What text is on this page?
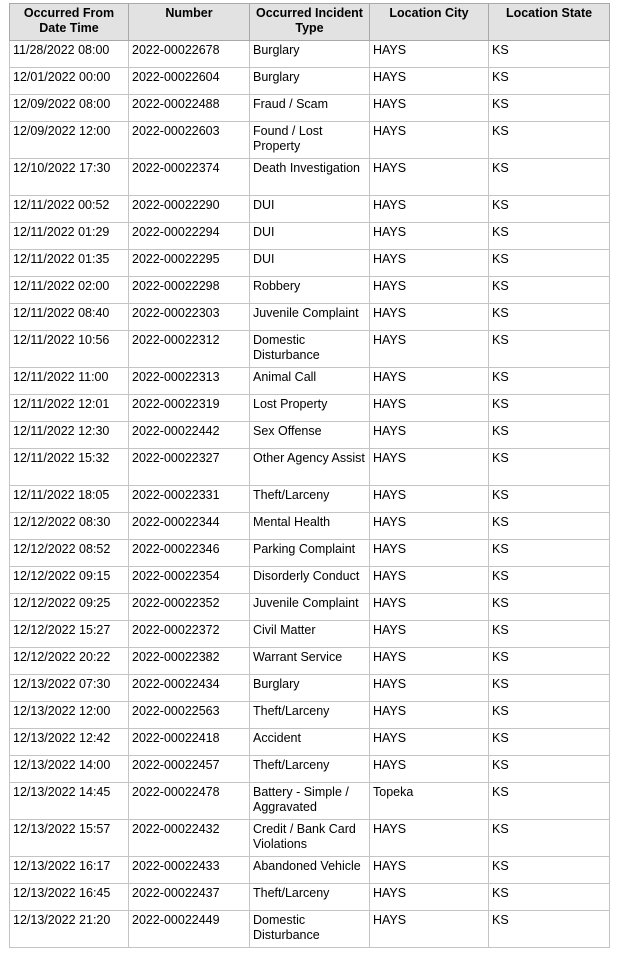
Occurred From Date Time	Number	Occurred Incident Type	Location City	Location State
11/28/2022 08:00	2022-00022678	Burglary	HAYS	KS
12/01/2022 00:00	2022-00022604	Burglary	HAYS	KS
12/09/2022 08:00	2022-00022488	Fraud / Scam	HAYS	KS
12/09/2022 12:00	2022-00022603	Found / Lost Property	HAYS	KS
12/10/2022 17:30	2022-00022374	Death Investigation	HAYS	KS
12/11/2022 00:52	2022-00022290	DUI	HAYS	KS
12/11/2022 01:29	2022-00022294	DUI	HAYS	KS
12/11/2022 01:35	2022-00022295	DUI	HAYS	KS
12/11/2022 02:00	2022-00022298	Robbery	HAYS	KS
12/11/2022 08:40	2022-00022303	Juvenile Complaint	HAYS	KS
12/11/2022 10:56	2022-00022312	Domestic Disturbance	HAYS	KS
12/11/2022 11:00	2022-00022313	Animal Call	HAYS	KS
12/11/2022 12:01	2022-00022319	Lost Property	HAYS	KS
12/11/2022 12:30	2022-00022442	Sex Offense	HAYS	KS
12/11/2022 15:32	2022-00022327	Other Agency Assist	HAYS	KS
12/11/2022 18:05	2022-00022331	Theft/Larceny	HAYS	KS
12/12/2022 08:30	2022-00022344	Mental Health	HAYS	KS
12/12/2022 08:52	2022-00022346	Parking Complaint	HAYS	KS
12/12/2022 09:15	2022-00022354	Disorderly Conduct	HAYS	KS
12/12/2022 09:25	2022-00022352	Juvenile Complaint	HAYS	KS
12/12/2022 15:27	2022-00022372	Civil Matter	HAYS	KS
12/12/2022 20:22	2022-00022382	Warrant Service	HAYS	KS
12/13/2022 07:30	2022-00022434	Burglary	HAYS	KS
12/13/2022 12:00	2022-00022563	Theft/Larceny	HAYS	KS
12/13/2022 12:42	2022-00022418	Accident	HAYS	KS
12/13/2022 14:00	2022-00022457	Theft/Larceny	HAYS	KS
12/13/2022 14:45	2022-00022478	Battery - Simple / Aggravated	Topeka	KS
12/13/2022 15:57	2022-00022432	Credit / Bank Card Violations	HAYS	KS
12/13/2022 16:17	2022-00022433	Abandoned Vehicle	HAYS	KS
12/13/2022 16:45	2022-00022437	Theft/Larceny	HAYS	KS
12/13/2022 21:20	2022-00022449	Domestic Disturbance	HAYS	KS
